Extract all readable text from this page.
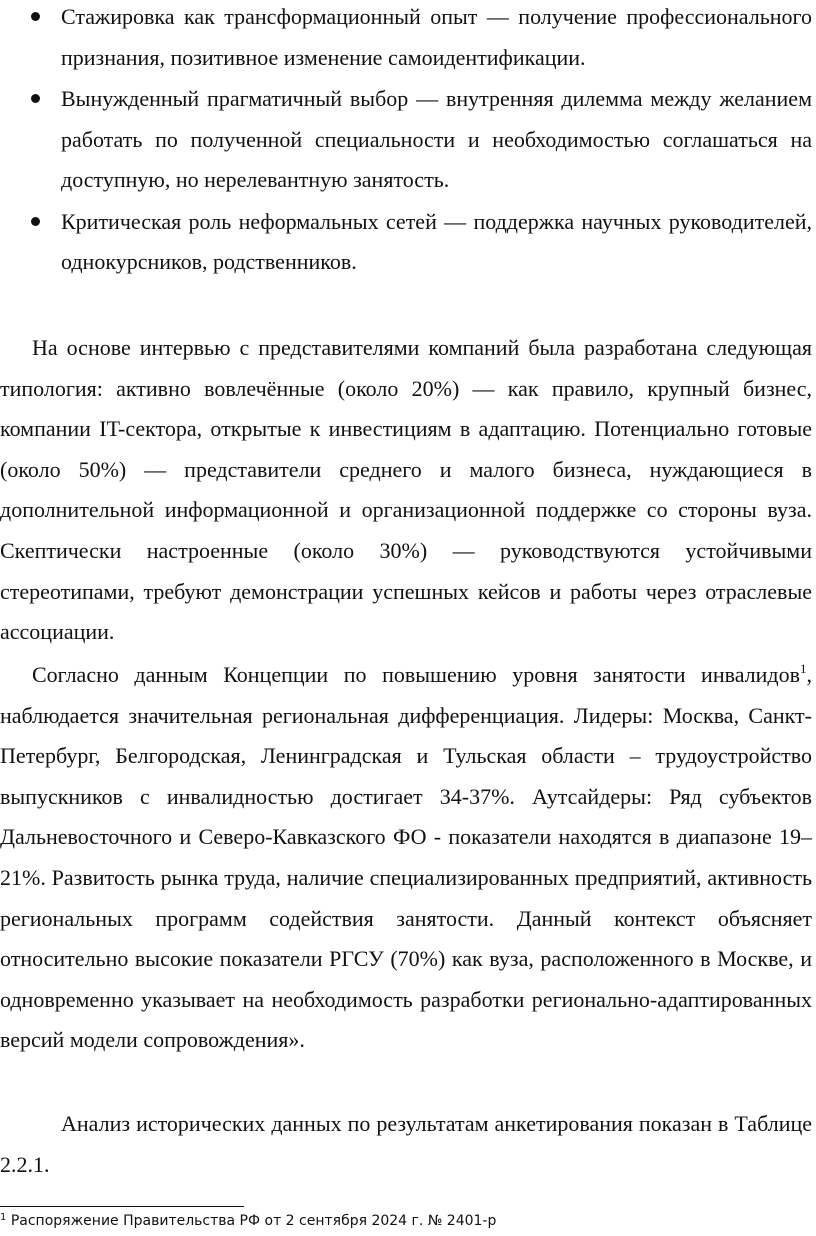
Стажировка как трансформационный опыт — получение профессионального признания, позитивное изменение самоидентификации.
Вынужденный прагматичный выбор — внутренняя дилемма между желанием работать по полученной специальности и необходимостью соглашаться на доступную, но нерелевантную занятость.
Критическая роль неформальных сетей — поддержка научных руководителей, однокурсников, родственников.

На основе интервью с представителями компаний была разработана следующая типология: активно вовлечённые (около 20%) — как правило, крупный бизнес, компании IT-сектора, открытые к инвестициям в адаптацию. Потенциально готовые (около 50%) — представители среднего и малого бизнеса, нуждающиеся в дополнительной информационной и организационной поддержке со стороны вуза. Скептически настроенные (около 30%) — руководствуются устойчивыми стереотипами, требуют демонстрации успешных кейсов и работы через отраслевые ассоциации.

Согласно данным Концепции по повышению уровня занятости инвалидов$^1$, наблюдается значительная региональная дифференциация. Лидеры: Москва, Санкт-Петербург, Белгородская, Ленинградская и Тульская области – трудоустройство выпускников с инвалидностью достигает 34-37%. Аутсайдеры: Ряд субъектов Дальневосточного и Северо-Кавказского ФО - показатели находятся в диапазоне 19–21%. Развитость рынка труда, наличие специализированных предприятий, активность региональных программ содействия занятости. Данный контекст объясняет относительно высокие показатели РГСУ (70%) как вуза, расположенного в Москве, и одновременно указывает на необходимость разработки регионально-адаптированных версий модели сопровождения».

Анализ исторических данных по результатам анкетирования показан в Таблице 2.2.1.

$^1$ Распоряжение Правительства РФ от 2 сентября 2024 г. № 2401-р
